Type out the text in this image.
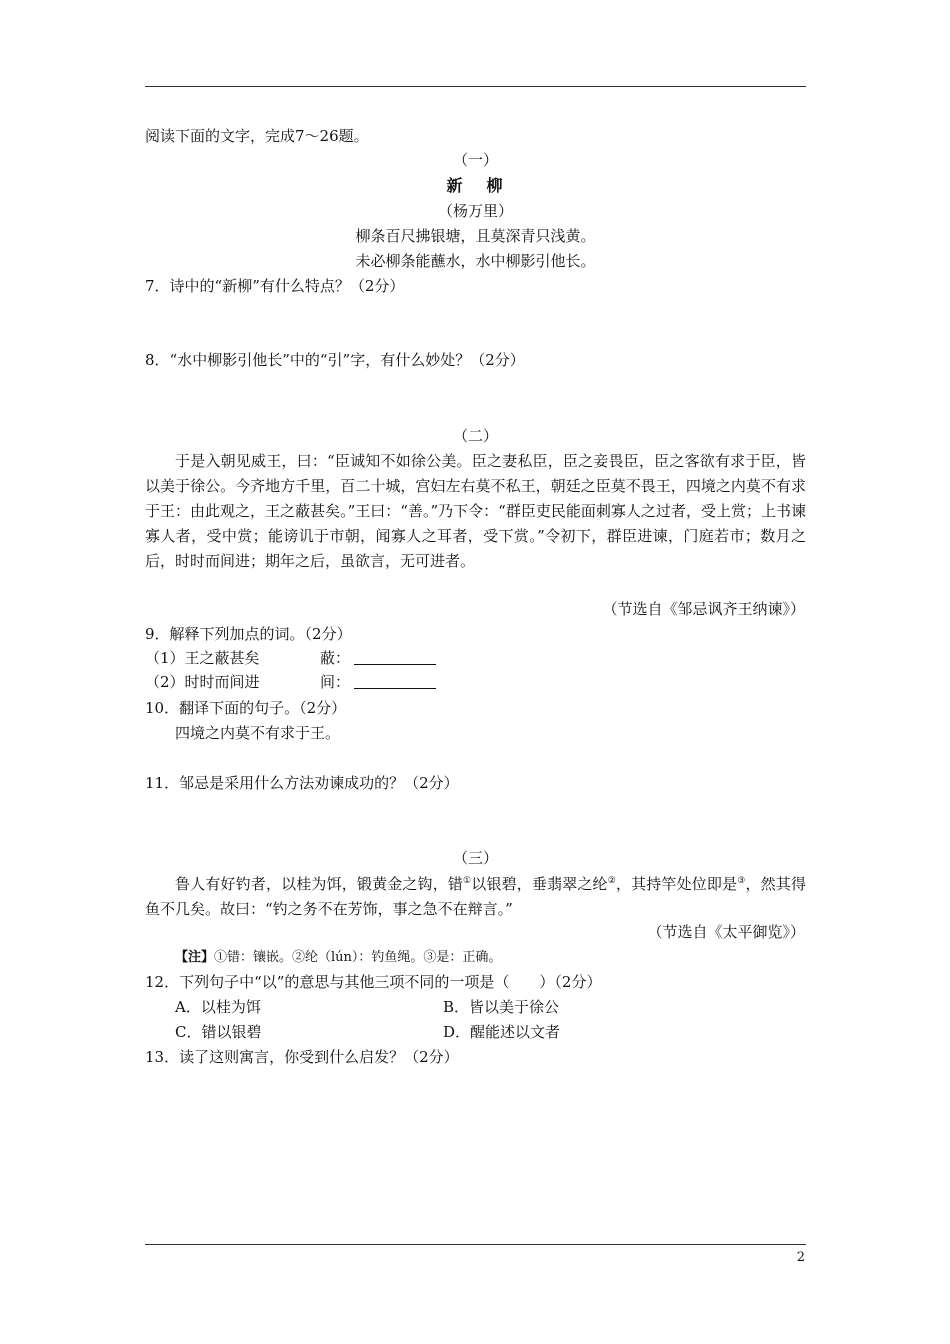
阅读下面的文字，完成7～26题。
（一）
新 柳
（杨万里）
柳条百尺拂银塘，且莫深青只浅黄。
未必柳条能蘸水，水中柳影引他长。
7．诗中的“新柳”有什么特点？（2分）
8．“水中柳影引他长”中的“引”字，有什么妙处？（2分）
（二）

于是入朝见威王，曰：“臣诚知不如徐公美。臣之妻私臣，臣之妾畏臣，臣之客欲有求于臣，皆以美于徐公。今齐地方千里，百二十城，宫妇左右莫不私王，朝廷之臣莫不畏王，四境之内莫不有求于王：由此观之，王之蔽甚矣。”王曰：“善。”乃下令：“群臣吏民能面刺寡人之过者，受上赏；上书谏寡人者，受中赏；能谤讥于市朝，闻寡人之耳者，受下赏。”令初下，群臣进谏，门庭若市；数月之后，时时而间进；期年之后，虽欲言，无可进者。

（节选自《邹忌讽齐王纳谏》）
9．解释下列加点的词。（2分）
（1）王之蔽甚矣	蔽：
（2）时时而间进	间：
10．翻译下面的句子。（2分）
四境之内莫不有求于王。
11．邹忌是采用什么方法劝谏成功的？（2分）
（三）

鲁人有好钓者，以桂为饵，锻黄金之钩，错①以银碧，垂翡翠之纶②，其持竿处位即是③，然其得鱼不几矣。故曰：“钓之务不在芳饰，事之急不在辩言。”

（节选自《太平御览》）
【注】①错：镶嵌。②纶（lún）：钓鱼绳。③是：正确。
12．下列句子中“以”的意思与其他三项不同的一项是（　　）（2分）
A．以桂为饵	B．皆以美于徐公
C．错以银碧	D．醒能述以文者
13．读了这则寓言，你受到什么启发？（2分）
2
